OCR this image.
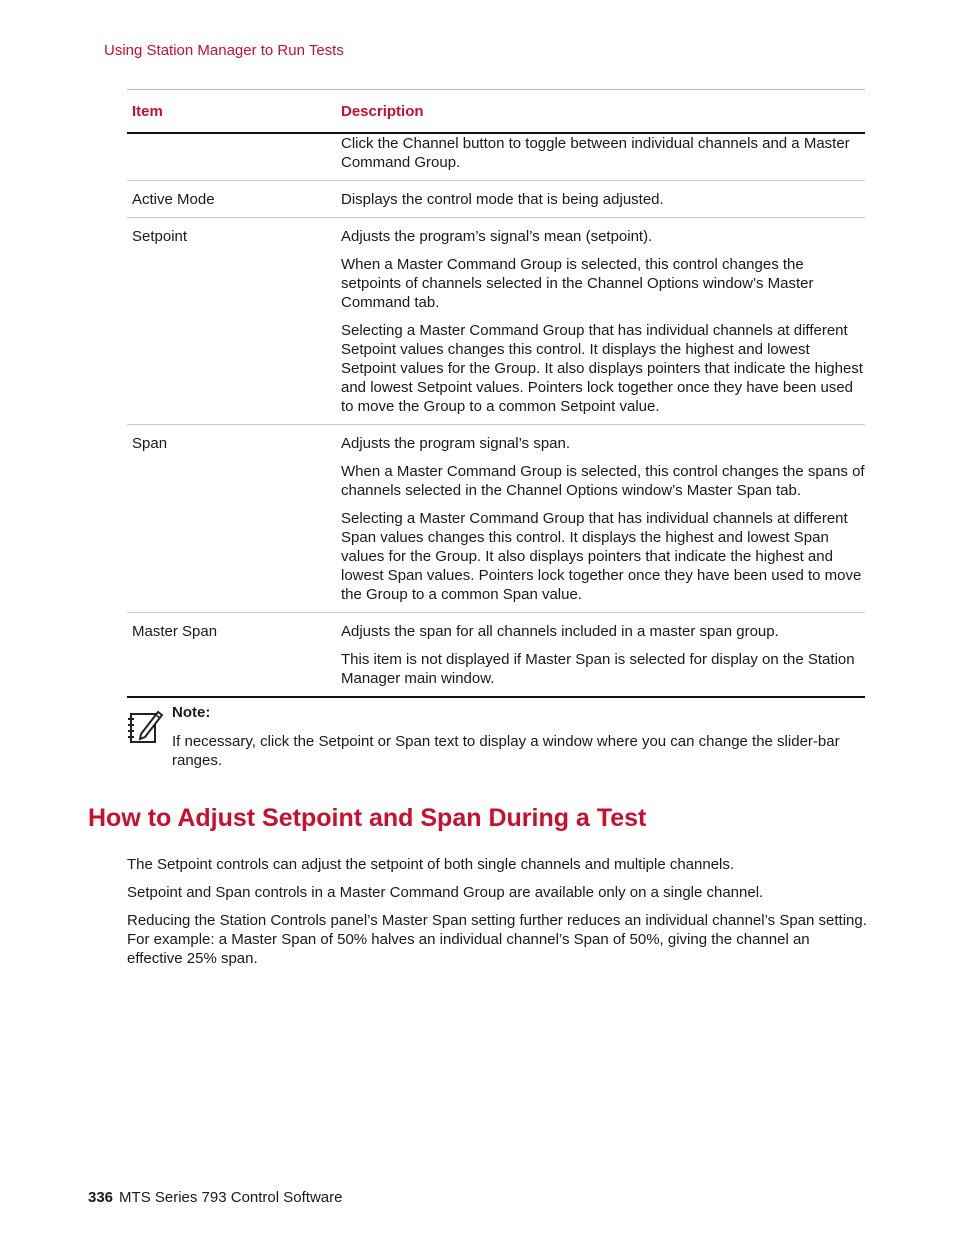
Using Station Manager to Run Tests
Item	Description

Click the Channel button to toggle between individual channels and a Master Command Group.

Active Mode	Displays the control mode that is being adjusted.

Setpoint	Adjusts the program’s signal’s mean (setpoint).

When a Master Command Group is selected, this control changes the setpoints of channels selected in the Channel Options window’s Master Command tab.

Selecting a Master Command Group that has individual channels at different Setpoint values changes this control. It displays the highest and lowest Setpoint values for the Group. It also displays pointers that indicate the highest and lowest Setpoint values. Pointers lock together once they have been used to move the Group to a common Setpoint value.

Span	Adjusts the program signal’s span.

When a Master Command Group is selected, this control changes the spans of channels selected in the Channel Options window’s Master Span tab.

Selecting a Master Command Group that has individual channels at different Span values changes this control. It displays the highest and lowest Span values for the Group. It also displays pointers that indicate the highest and lowest Span values. Pointers lock together once they have been used to move the Group to a common Span value.

Master Span	Adjusts the span for all channels included in a master span group.

This item is not displayed if Master Span is selected for display on the Station Manager main window.

Note:
If necessary, click the Setpoint or Span text to display a window where you can change the slider-bar ranges.
How to Adjust Setpoint and Span During a Test

The Setpoint controls can adjust the setpoint of both single channels and multiple channels.

Setpoint and Span controls in a Master Command Group are available only on a single channel.

Reducing the Station Controls panel’s Master Span setting further reduces an individual channel’s Span setting. For example: a Master Span of 50% halves an individual channel’s Span of 50%, giving the channel an effective 25% span.

336 MTS Series 793 Control Software
